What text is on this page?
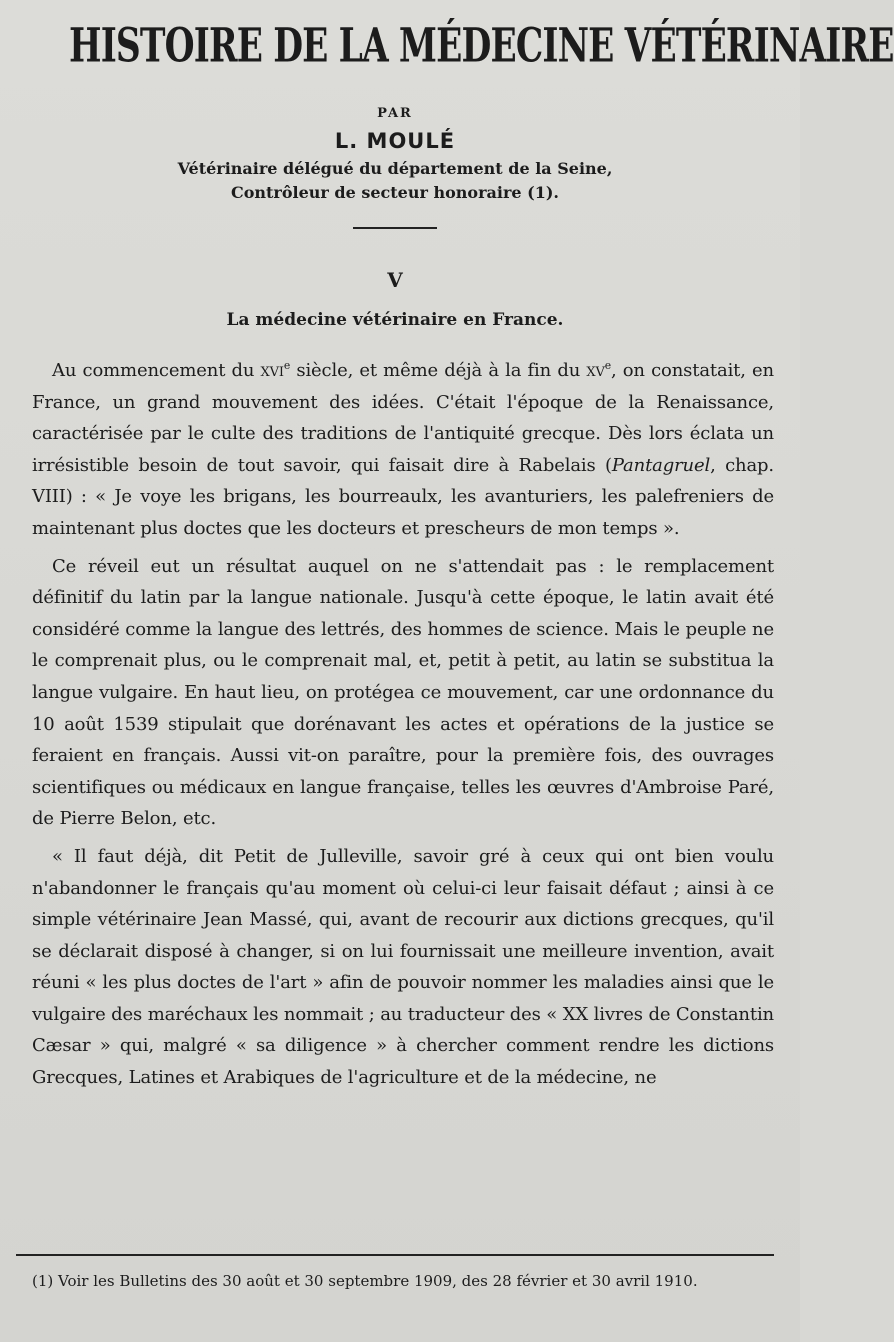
HISTOIRE DE LA MÉDECINE VÉTÉRINAIRE
PAR
L. MOULÉ
Vétérinaire délégué du département de la Seine,
Contrôleur de secteur honoraire (1).
V
La médecine vétérinaire en France.

Au commencement du xvi$^e$ siècle, et même déjà à la fin du $xv^e$, on constatait, en France, un grand mouvement des idées. C'était l'époque de la Renaissance, caractérisée par le culte des traditions de l'antiquité grecque. Dès lors éclata un irrésistible besoin de tout savoir, qui faisait dire à Rabelais (Pantagruel, chap. VIII) : « Je voye les brigans, les bourreaulx, les avanturiers, les palefreniers de maintenant plus doctes que les docteurs et prescheurs de mon temps ».

Ce réveil eut un résultat auquel on ne s'attendait pas : le remplacement définitif du latin par la langue nationale. Jusqu'à cette époque, le latin avait été considéré comme la langue des lettrés, des hommes de science. Mais le peuple ne le comprenait plus, ou le comprenait mal, et, petit à petit, au latin se substitua la langue vulgaire. En haut lieu, on protégea ce mouvement, car une ordonnance du 10 août 1539 stipulait que dorénavant les actes et opérations de la justice se feraient en français. Aussi vit-on paraître, pour la première fois, des ouvrages scientifiques ou médicaux en langue française, telles les œuvres d'Ambroise Paré, de Pierre Belon, etc.

« Il faut déjà, dit Petit de Julleville, savoir gré à ceux qui ont bien voulu n'abandonner le français qu'au moment où celui-ci leur faisait défaut ; ainsi à ce simple vétérinaire Jean Massé, qui, avant de recourir aux dictions grecques, qu'il se déclarait disposé à changer, si on lui fournissait une meilleure invention, avait réuni « les plus doctes de l'art » afin de pouvoir nommer les maladies ainsi que le vulgaire des maréchaux les nommait ; au traducteur des « XX livres de Constantin Cæsar » qui, malgré « sa diligence » à chercher comment rendre les dictions Grecques, Latines et Arabiques de l'agriculture et de la médecine, ne

(1) Voir les Bulletins des 30 août et 30 septembre 1909, des 28 février et 30 avril 1910.
